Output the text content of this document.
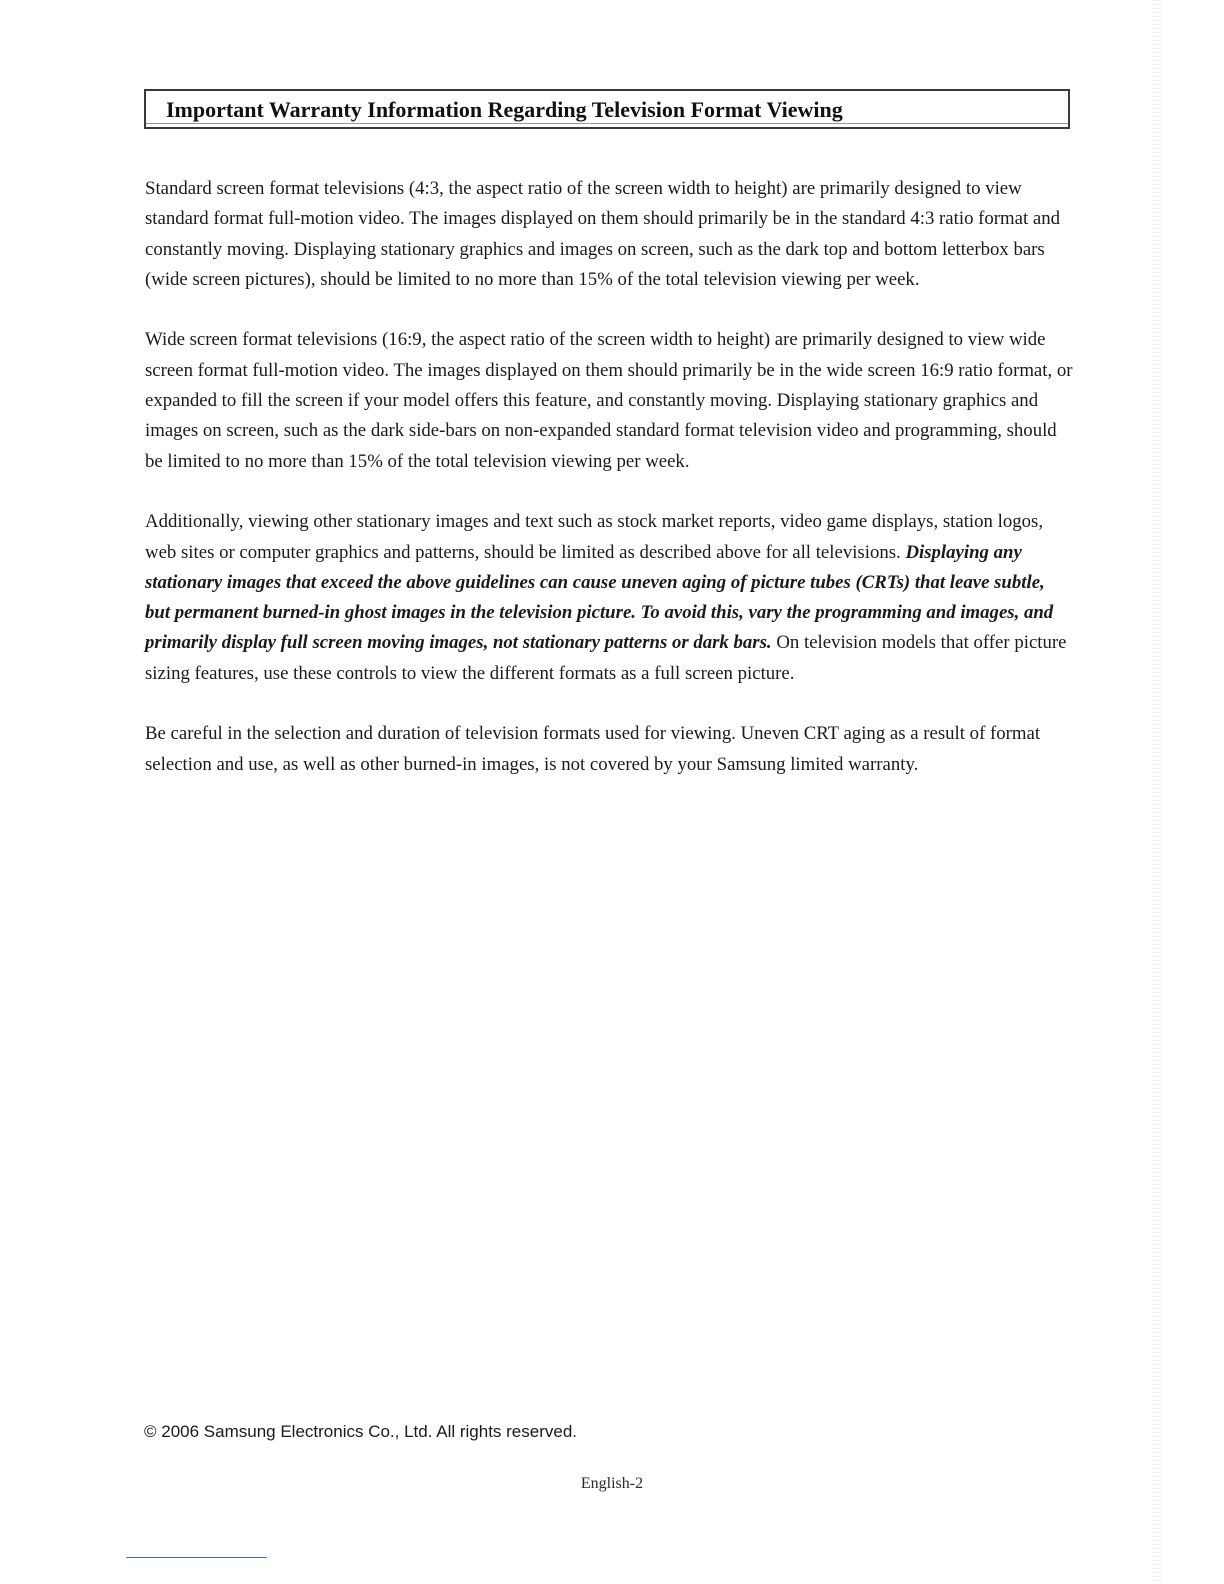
Important Warranty Information Regarding Television Format Viewing

Standard screen format televisions (4:3, the aspect ratio of the screen width to height) are primarily designed to view standard format full-motion video. The images displayed on them should primarily be in the standard 4:3 ratio format and constantly moving. Displaying stationary graphics and images on screen, such as the dark top and bottom letterbox bars (wide screen pictures), should be limited to no more than 15% of the total television viewing per week.

Wide screen format televisions (16:9, the aspect ratio of the screen width to height) are primarily designed to view wide screen format full-motion video. The images displayed on them should primarily be in the wide screen 16:9 ratio format, or expanded to fill the screen if your model offers this feature, and constantly moving. Displaying stationary graphics and images on screen, such as the dark side-bars on non-expanded standard format television video and programming, should be limited to no more than 15% of the total television viewing per week.

Additionally, viewing other stationary images and text such as stock market reports, video game displays, station logos, web sites or computer graphics and patterns, should be limited as described above for all televisions. Displaying any stationary images that exceed the above guidelines can cause uneven aging of picture tubes (CRTs) that leave subtle, but permanent burned-in ghost images in the television picture. To avoid this, vary the programming and images, and primarily display full screen moving images, not stationary patterns or dark bars. On television models that offer picture sizing features, use these controls to view the different formats as a full screen picture.

Be careful in the selection and duration of television formats used for viewing. Uneven CRT aging as a result of format selection and use, as well as other burned-in images, is not covered by your Samsung limited warranty.

© 2006 Samsung Electronics Co., Ltd. All rights reserved.
English-2
